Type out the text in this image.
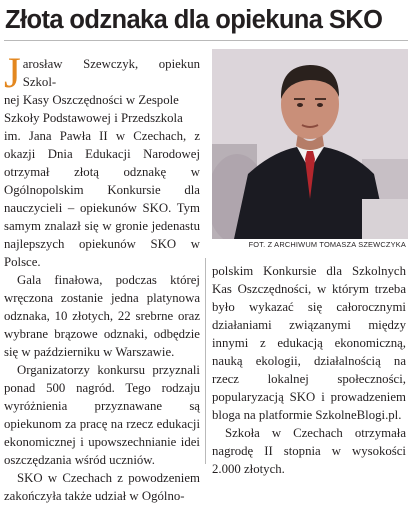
Złota odznaka dla opiekuna SKO

Jarosław Szewczyk, opiekun Szkol-
nej Kasy Oszczędności w Zespole
Szkoły Podstawowej i Przedszkola
im. Jana Pawła II w Czechach, z okazji Dnia Edukacji Narodowej otrzymał złotą odznakę w Ogólnopolskim Konkursie dla nauczycieli – opiekunów SKO. Tym samym znalazł się w gronie jedenastu najlepszych opiekunów SKO w Polsce.

Gala finałowa, podczas której wręczona zostanie jedna platynowa odznaka, 10 złotych, 22 srebrne oraz wybrane brązowe odznaki, odbędzie się w październiku w Warszawie.

Organizatorzy konkursu przyznali ponad 500 nagród. Tego rodzaju wyróżnienia przyznawane są opiekunom za pracę na rzecz edukacji ekonomicznej i upowszechnianie idei oszczędzania wśród uczniów.

SKO w Czechach z powodzeniem zakończyła także udział w Ogólno-

FOT. Z ARCHIWUM TOMASZA SZEWCZYKA

polskim Konkursie dla Szkolnych Kas Oszczędności, w którym trzeba było wykazać się całorocznymi działaniami związanymi między innymi z edukacją ekonomiczną, nauką ekologii, działalnością na rzecz lokalnej społeczności, popularyzacją SKO i prowadzeniem bloga na platformie SzkolneBlogi.pl.

Szkoła w Czechach otrzymała nagrodę II stopnia w wysokości 2.000 złotych.
